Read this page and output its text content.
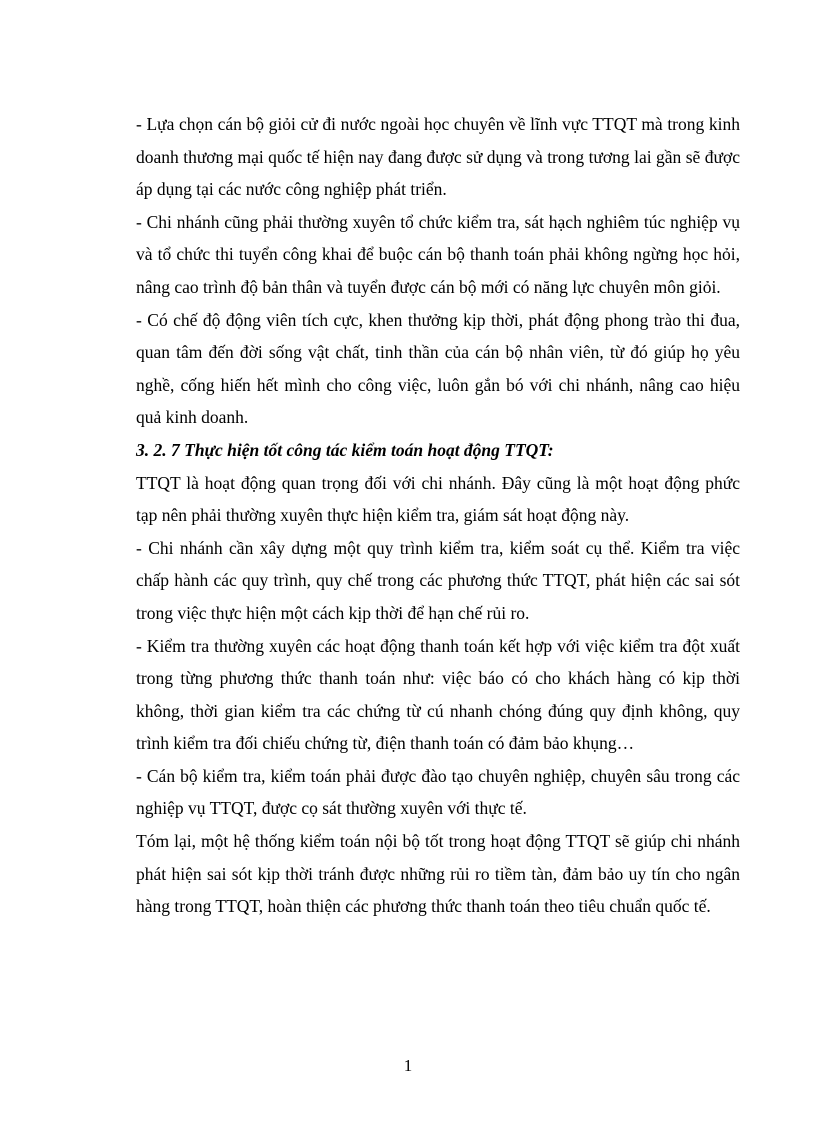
- Lựa chọn cán bộ giỏi cử đi nước ngoài học chuyên về lĩnh vực TTQT mà trong kinh doanh thương mại quốc tế hiện nay đang được sử dụng và trong tương lai gần sẽ được áp dụng tại các nước công nghiệp phát triển.

- Chi nhánh cũng phải thường xuyên tổ chức kiểm tra, sát hạch nghiêm túc nghiệp vụ và tổ chức thi tuyển công khai để buộc cán bộ thanh toán phải không ngừng học hỏi, nâng cao trình độ bản thân và tuyển được cán bộ mới có năng lực chuyên môn giỏi.

- Có chế độ động viên tích cực, khen thưởng kịp thời, phát động phong trào thi đua, quan tâm đến đời sống vật chất, tinh thần của cán bộ nhân viên, từ đó giúp họ yêu nghề, cống hiến hết mình cho công việc, luôn gắn bó với chi nhánh, nâng cao hiệu quả kinh doanh.

3. 2. 7 Thực hiện tốt công tác kiểm toán hoạt động TTQT:

TTQT là hoạt động quan trọng đối với chi nhánh. Đây cũng là một hoạt động phức tạp nên phải thường xuyên thực hiện kiểm tra, giám sát hoạt động này.

- Chi nhánh cần xây dựng một quy trình kiểm tra, kiểm soát cụ thể. Kiểm tra việc chấp hành các quy trình, quy chế trong các phương thức TTQT, phát hiện các sai sót trong việc thực hiện một cách kịp thời để hạn chế rủi ro.

- Kiểm tra thường xuyên các hoạt động thanh toán kết hợp với việc kiểm tra đột xuất trong từng phương thức thanh toán như: việc báo có cho khách hàng có kịp thời không, thời gian kiểm tra các chứng từ cú nhanh chóng đúng quy định không, quy trình kiểm tra đối chiếu chứng từ, điện thanh toán có đảm bảo khụng…

- Cán bộ kiểm tra, kiểm toán phải được đào tạo chuyên nghiệp, chuyên sâu trong các nghiệp vụ TTQT, được cọ sát thường xuyên với thực tế.

Tóm lại, một hệ thống kiểm toán nội bộ tốt trong hoạt động TTQT sẽ giúp chi nhánh phát hiện sai sót kịp thời tránh được những rủi ro tiềm tàn, đảm bảo uy tín cho ngân hàng trong TTQT, hoàn thiện các phương thức thanh toán theo tiêu chuẩn quốc tế.

1
